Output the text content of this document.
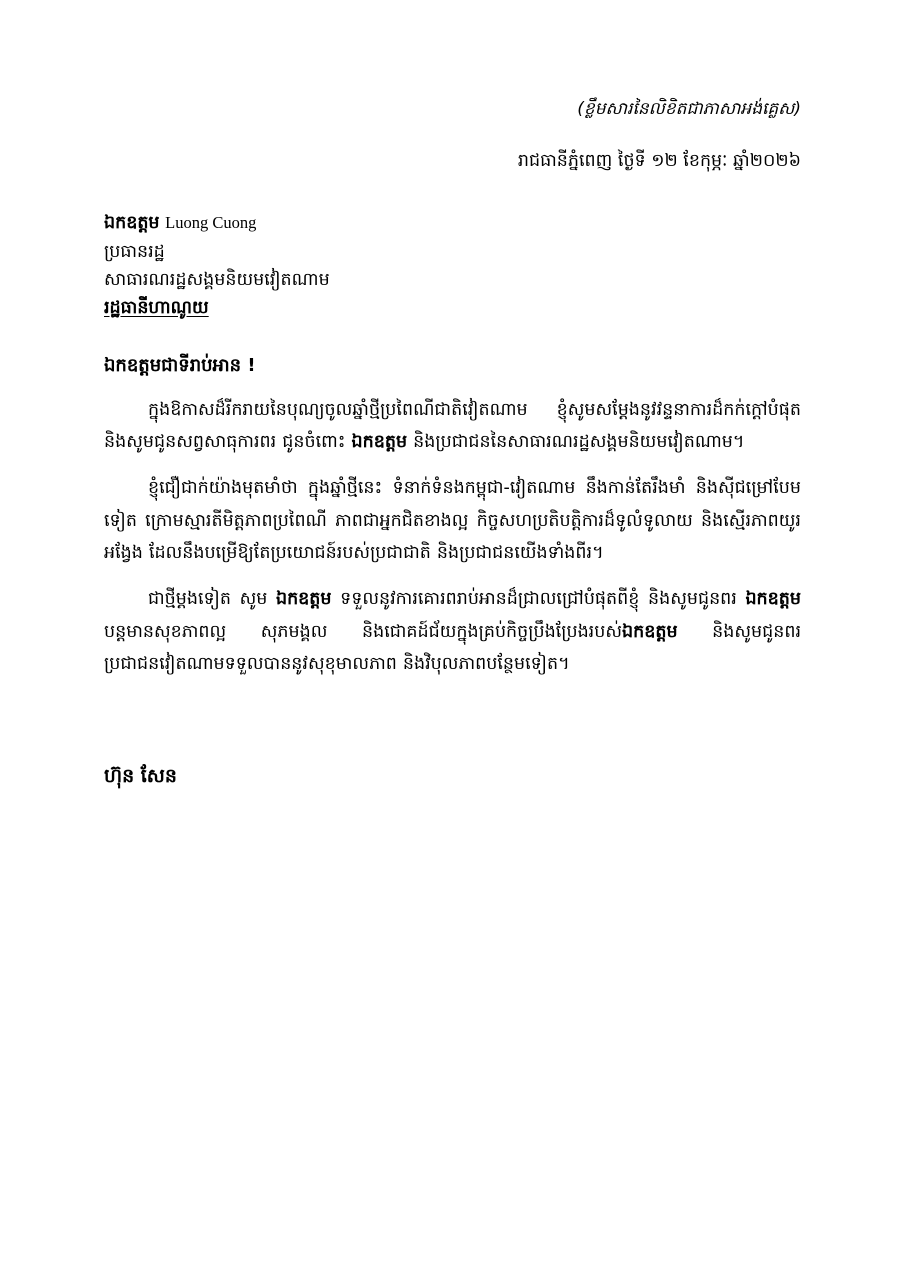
(ខ្លឹមសារនៃលិខិតជាភាសាអង់គ្លេស)
រាជធានីភ្នំពេញ ថ្ងៃទី ១២ ខែកុម្ភៈ ឆ្នាំ២០២៦
ឯកឧត្តម Luong Cuong
ប្រធានរដ្ឋ
សាធារណរដ្ឋសង្គមនិយមវៀតណាម
រដ្ឋធានីហាណូយ
ឯកឧត្តមជាទីរាប់អាន !
ក្នុងឱកាសដ៏រីករាយនៃបុណ្យចូលឆ្នាំថ្មីប្រពៃណីជាតិវៀតណាម ខ្ញុំសូមសម្តែងនូវវន្ទនាការដ៏កក់ក្តៅបំផុត និងសូមជូនសព្វសាធុការពរ ជូនចំពោះ ឯកឧត្តម និងប្រជាជននៃសាធារណរដ្ឋសង្គមនិយមវៀតណាម។
ខ្ញុំជឿជាក់យ៉ាងមុតមាំថា ក្នុងឆ្នាំថ្មីនេះ ទំនាក់ទំនងកម្ពុជា-វៀតណាម នឹងកាន់តែរឹងមាំ និងសុីជម្រៅបែមទៀត ក្រោមស្មារតីមិត្តភាពប្រពៃណី ភាពជាអ្នកជិតខាងល្អ កិច្ចសហប្រតិបត្តិការដ៏ទូលំទូលាយ និងស្មើរភាពយូរអង្វែង ដែលនឹងបម្រើឱ្យតែប្រយោជន៍របស់ប្រជាជាតិ និងប្រជាជនយើងទាំងពីរ។
ជាថ្មីម្តងទៀត សូម ឯកឧត្តម ទទួលនូវការគោរពរាប់អានដ៏ជ្រាលជ្រៅបំផុតពីខ្ញុំ និងសូមជូនពរ ឯកឧត្តម បន្តមានសុខភាពល្អ សុភមង្គល និងជោគដ៍ជ័យក្នុងគ្រប់កិច្ចប្រឹងប្រែងរបស់ឯកឧត្តម និងសូមជូនពរ ប្រជាជនវៀតណាមទទួលបាននូវសុខុមាលភាព និងវិបុលភាពបន្ថែមទៀត។
ហ៊ុន សែន
